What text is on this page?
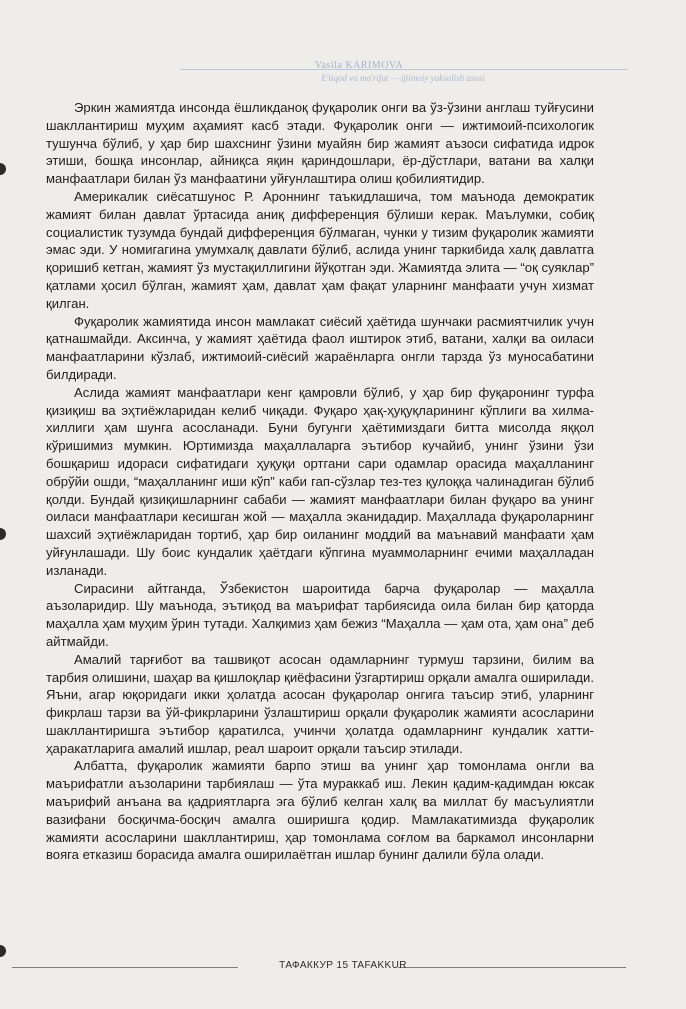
Vasila KARIMOVA
E'tiqod va ma'rifat — ijtimoiy yuksalish asosi

Эркин жамиятда инсонда ёшликданоқ фуқаролик онги ва ўз-ўзини англаш туйғусини шакллантириш муҳим аҳамият касб этади. Фуқаролик онги — ижтимоий-психологик тушунча бўлиб, у ҳар бир шахснинг ўзини муайян бир жамият аъзоси сифатида идрок этиши, бошқа инсонлар, айниқса яқин қариндошлари, ёр-дўстлари, ватани ва халқи манфаатлари билан ўз манфаатини уйғунлаштира олиш қобилиятидир.

Америкалик сиёсатшунос Р. Ароннинг таъкидлашича, том маънода демократик жамият билан давлат ўртасида аниқ дифференция бўлиши керак. Маълумки, собиқ социалистик тузумда бундай дифференция бўлмаган, чунки у тизим фуқаролик жамияти эмас эди. У номигагина умумхалқ давлати бўлиб, аслида унинг таркибида халқ давлатга қоришиб кетган, жамият ўз мустақиллигини йўқотган эди. Жамиятда элита — “оқ суяклар” қатлами ҳосил бўлган, жамият ҳам, давлат ҳам фақат уларнинг манфаати учун хизмат қилган.

Фуқаролик жамиятида инсон мамлакат сиёсий ҳаётида шунчаки расмиятчилик учун қатнашмайди. Аксинча, у жамият ҳаётида фаол иштирок этиб, ватани, халқи ва оиласи манфаатларини кўзлаб, ижтимоий-сиёсий жараёнларга онгли тарзда ўз муносабатини билдиради.

Аслида жамият манфаатлари кенг қамровли бўлиб, у ҳар бир фуқаронинг турфа қизиқиш ва эҳтиёжларидан келиб чиқади. Фуқаро ҳақ-ҳуқуқларининг кўплиги ва хилма-хиллиги ҳам шунга асосланади. Буни бугунги ҳаётимиздаги битта мисолда яққол кўришимиз мумкин. Юртимизда маҳаллаларга эътибор кучайиб, унинг ўзини ўзи бошқариш идораси сифатидаги ҳуқуқи ортгани сари одамлар орасида маҳалланинг обрўйи ошди, “маҳалланинг иши кўп” каби гап-сўзлар тез-тез қулоққа чалинадиган бўлиб қолди. Бундай қизиқишларнинг сабаби — жамият манфаатлари билан фуқаро ва унинг оиласи манфаатлари кесишган жой — маҳалла эканидадир. Маҳаллада фуқароларнинг шахсий эҳтиёжларидан тортиб, ҳар бир оиланинг моддий ва маънавий манфаати ҳам уйғунлашади. Шу боис кундалик ҳаётдаги кўпгина муаммоларнинг ечими маҳалладан изланади.

Сирасини айтганда, Ўзбекистон шароитида барча фуқаролар — маҳалла аъзоларидир. Шу маънода, эътиқод ва маърифат тарбиясида оила билан бир қаторда маҳалла ҳам муҳим ўрин тутади. Халқимиз ҳам бежиз “Маҳалла — ҳам ота, ҳам она” деб айтмайди.

Амалий тарғибот ва ташвиқот асосан одамларнинг турмуш тарзини, билим ва тарбия олишини, шаҳар ва қишлоқлар қиёфасини ўзгартириш орқали амалга оширилади. Яъни, агар юқоридаги икки ҳолатда асосан фуқаролар онгига таъсир этиб, уларнинг фикрлаш тарзи ва ўй-фикрларини ўзлаштириш орқали фуқаролик жамияти асосларини шакллантиришга эътибор қаратилса, учинчи ҳолатда одамларнинг кундалик хатти-ҳаракатларига амалий ишлар, реал шароит орқали таъсир этилади.

Албатта, фуқаролик жамияти барпо этиш ва унинг ҳар томонлама онгли ва маърифатли аъзоларини тарбиялаш — ўта мураккаб иш. Лекин қадим-қадимдан юксак маърифий анъана ва қадриятларга эга бўлиб келган халқ ва миллат бу масъулиятли вазифани босқичма-босқич амалга оширишга қодир. Мамлакатимизда фуқаролик жамияти асосларини шакллантириш, ҳар томонлама соғлом ва баркамол инсонларни вояга етказиш борасида амалга оширилаётган ишлар бунинг далили бўла олади.

ТАФАККУР 15 TAFAKKUR
